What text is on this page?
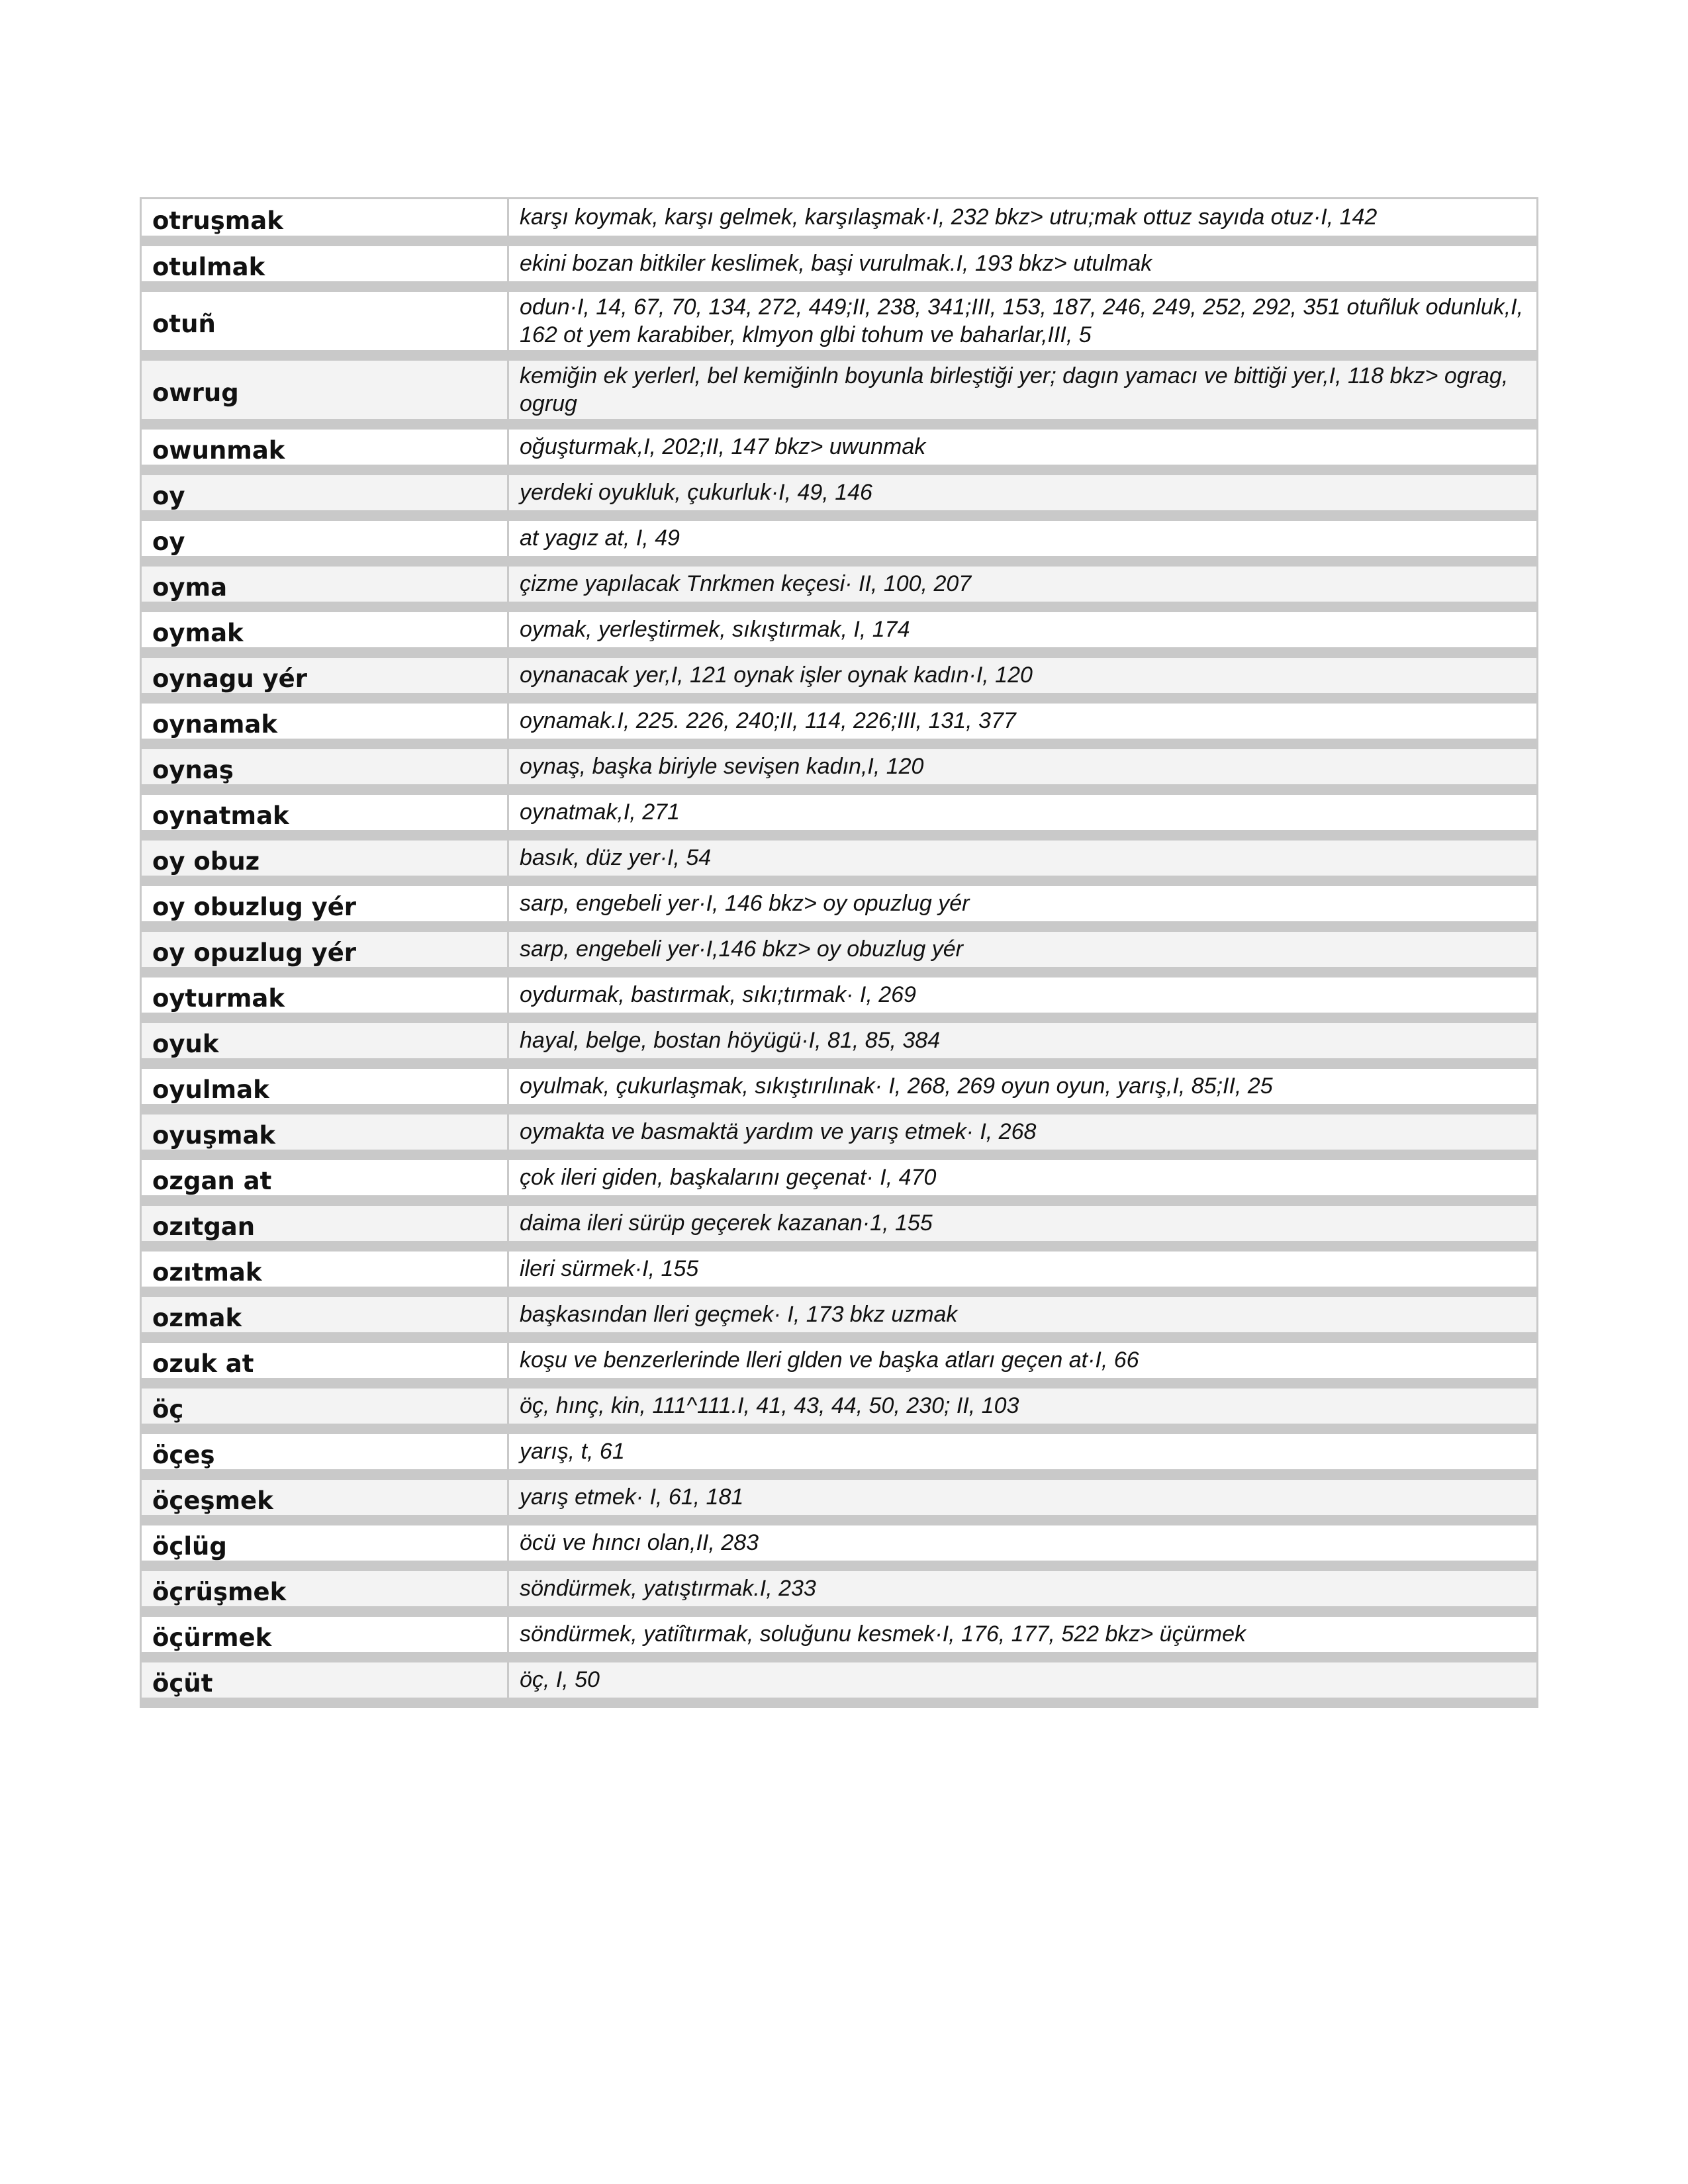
otruşmak	karşı koymak, karşı gelmek, karşılaşmak·I, 232 bkz> utru;mak ottuz sayıda otuz·I, 142
otulmak	ekini bozan bitkiler keslimek, başi vurulmak.I, 193 bkz> utulmak
otuñ	odun·I, 14, 67, 70, 134, 272, 449;II, 238, 341;III, 153, 187, 246, 249, 252, 292, 351 otuñluk odunluk,I, 162 ot yem karabiber, klmyon glbi tohum ve baharlar,III, 5
owrug	kemiğin ek yerlerl, bel kemiğinln boyunla birleştiği yer; dagın yamacı ve bittiği yer,I, 118 bkz> ograg, ogrug
owunmak	oğuşturmak,I, 202;II, 147 bkz> uwunmak
oy	yerdeki oyukluk, çukurluk·I, 49, 146
oy	at yagız at, I, 49
oyma	çizme yapılacak Tnrkmen keçesi· II, 100, 207
oymak	oymak, yerleştirmek, sıkıştırmak, I, 174
oynagu yér	oynanacak yer,I, 121 oynak işler oynak kadın·I, 120
oynamak	oynamak.I, 225. 226, 240;II, 114, 226;III, 131, 377
oynaş	oynaş, başka biriyle sevişen kadın,I, 120
oynatmak	oynatmak,I, 271
oy obuz	basık, düz yer·I, 54
oy obuzlug yér	sarp, engebeli yer·I, 146 bkz> oy opuzlug yér
oy opuzlug yér	sarp, engebeli yer·I,146 bkz> oy obuzlug yér
oyturmak	oydurmak, bastırmak, sıkı;tırmak· I, 269
oyuk	hayal, belge, bostan höyügü·I, 81, 85, 384
oyulmak	oyulmak, çukurlaşmak, sıkıştırılınak· I, 268, 269 oyun oyun, yarış,I, 85;II, 25
oyuşmak	oymakta ve basmaktä yardım ve yarış etmek· I, 268
ozgan at	çok ileri giden, başkalarını geçenat· I, 470
ozıtgan	daima ileri sürüp geçerek kazanan·1, 155
ozıtmak	ileri sürmek·I, 155
ozmak	başkasından lleri geçmek· I, 173 bkz uzmak
ozuk at	koşu ve benzerlerinde lleri glden ve başka atları geçen at·I, 66
öç	öç, hınç, kin, 111^111.I, 41, 43, 44, 50, 230; II, 103
öçeş	yarış, t, 61
öçeşmek	yarış etmek· I, 61, 181
öçlüg	öcü ve hıncı olan,II, 283
öçrüşmek	söndürmek, yatıştırmak.I, 233
öçürmek	söndürmek, yatiîtırmak, soluğunu kesmek·I, 176, 177, 522 bkz> üçürmek
öçüt	öç, I, 50
